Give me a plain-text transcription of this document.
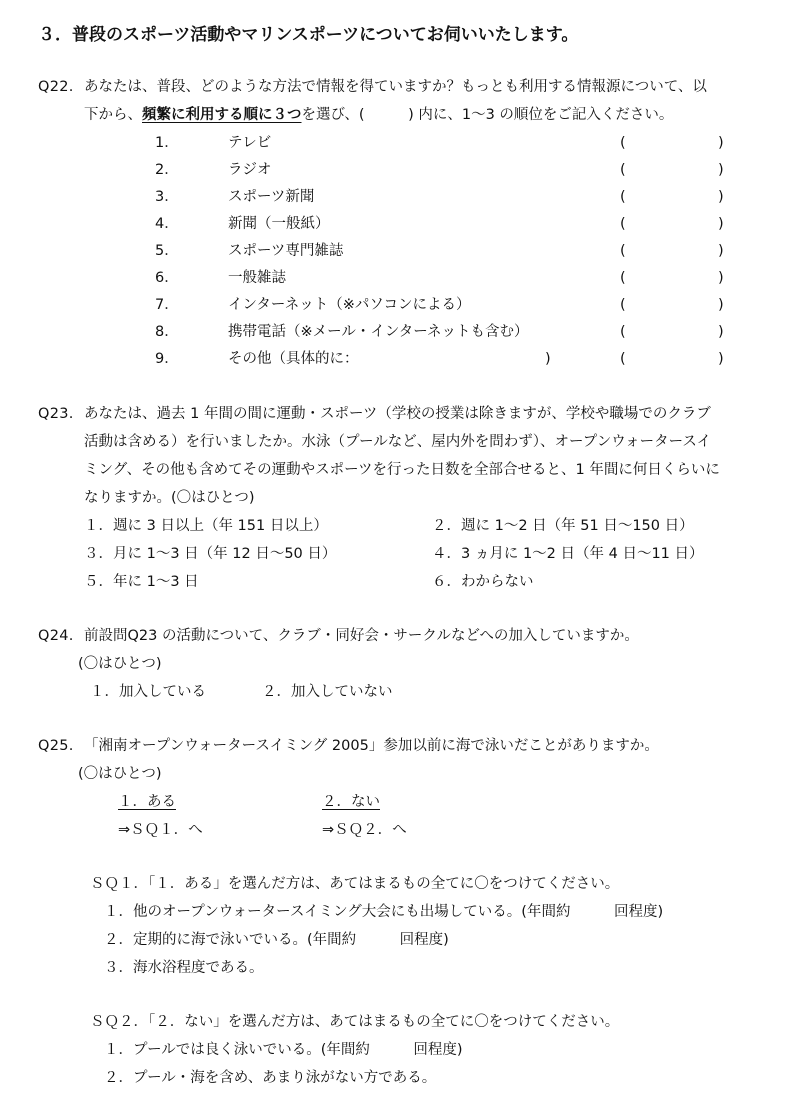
３．普段のスポーツ活動やマリンスポーツについてお伺いいたします。
Q22. あなたは、普段、どのような方法で情報を得ていますか？もっとも利用する情報源について、以
下から、頻繁に利用する順に３つを選び、(　　　) 内に、1～3 の順位をご記入ください。
1．	テレビ	(	)
2．	ラジオ	(	)
3．	スポーツ新聞	(	)
4．	新聞（一般紙）	(	)
5．	スポーツ専門雑誌	(	)
6．	一般雑誌	(	)
7．	インターネット（※パソコンによる）	(	)
8．	携帯電話（※メール・インターネットも含む）	(	)
9．	その他（具体的に：	)	(	)
Q23. あなたは、過去 1 年間の間に運動・スポーツ（学校の授業は除きますが、学校や職場でのクラブ
活動は含める）を行いましたか。水泳（プールなど、屋内外を問わず）、オープンウォータースイ
ミング、その他も含めてその運動やスポーツを行った日数を全部合せると、1 年間に何日くらいに
なりますか。(〇はひとつ)
１．週に 3 日以上（年 151 日以上）	２．週に 1～2 日（年 51 日～150 日）
３．月に 1～3 日（年 12 日～50 日）	４．3 ヵ月に 1～2 日（年 4 日～11 日）
５．年に 1～3 日	６．わからない
Q24. 前設問Q23 の活動について、クラブ・同好会・サークルなどへの加入していますか。
(〇はひとつ)
１．加入している	２．加入していない
Q25. 「湘南オープンウォータースイミング 2005」参加以前に海で泳いだことがありますか。
(〇はひとつ)
１．ある
⇒ＳＱ１．へ
２．ない
⇒ＳＱ２．へ
ＳＱ１．「１．ある」を選んだ方は、あてはまるもの全てに〇をつけてください。
１．他のオープンウォータースイミング大会にも出場している。(年間約　　　回程度)
２．定期的に海で泳いでいる。(年間約　　　回程度)
３．海水浴程度である。
ＳＱ２．「２．ない」を選んだ方は、あてはまるもの全てに〇をつけてください。
１．プールでは良く泳いでいる。(年間約　　　回程度)
２．プール・海を含め、あまり泳がない方である。
